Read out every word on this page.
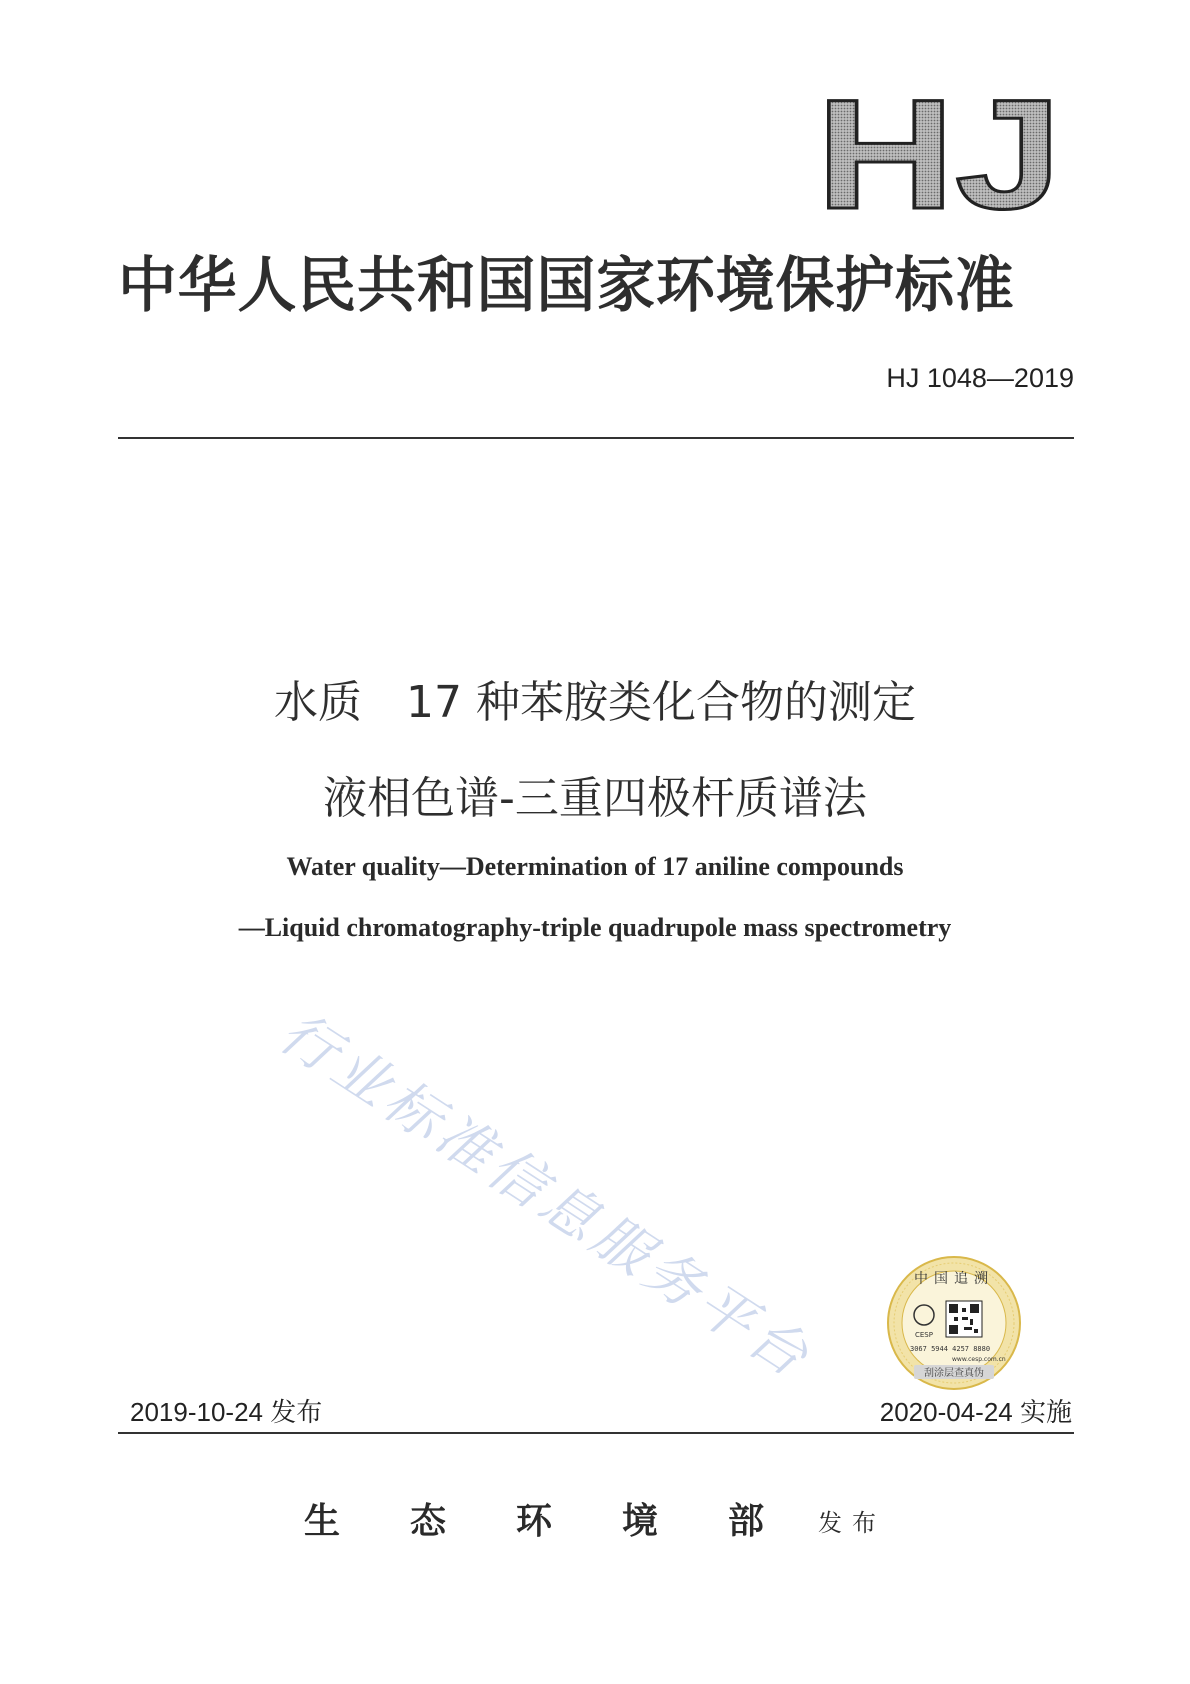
HJ
中华人民共和国国家环境保护标准
HJ 1048—2019
水质 17 种苯胺类化合物的测定
液相色谱-三重四极杆质谱法
Water quality—Determination of 17 aniline compounds
—Liquid chromatography-triple quadrupole mass spectrometry
行业标准信息服务平台	中国追溯
CESP
3067 5944 4257 8880
www.cesp.com.cn
刮涂层查真伪
2019-10-24 发布	2020-04-24 实施
生态环境部
发布
